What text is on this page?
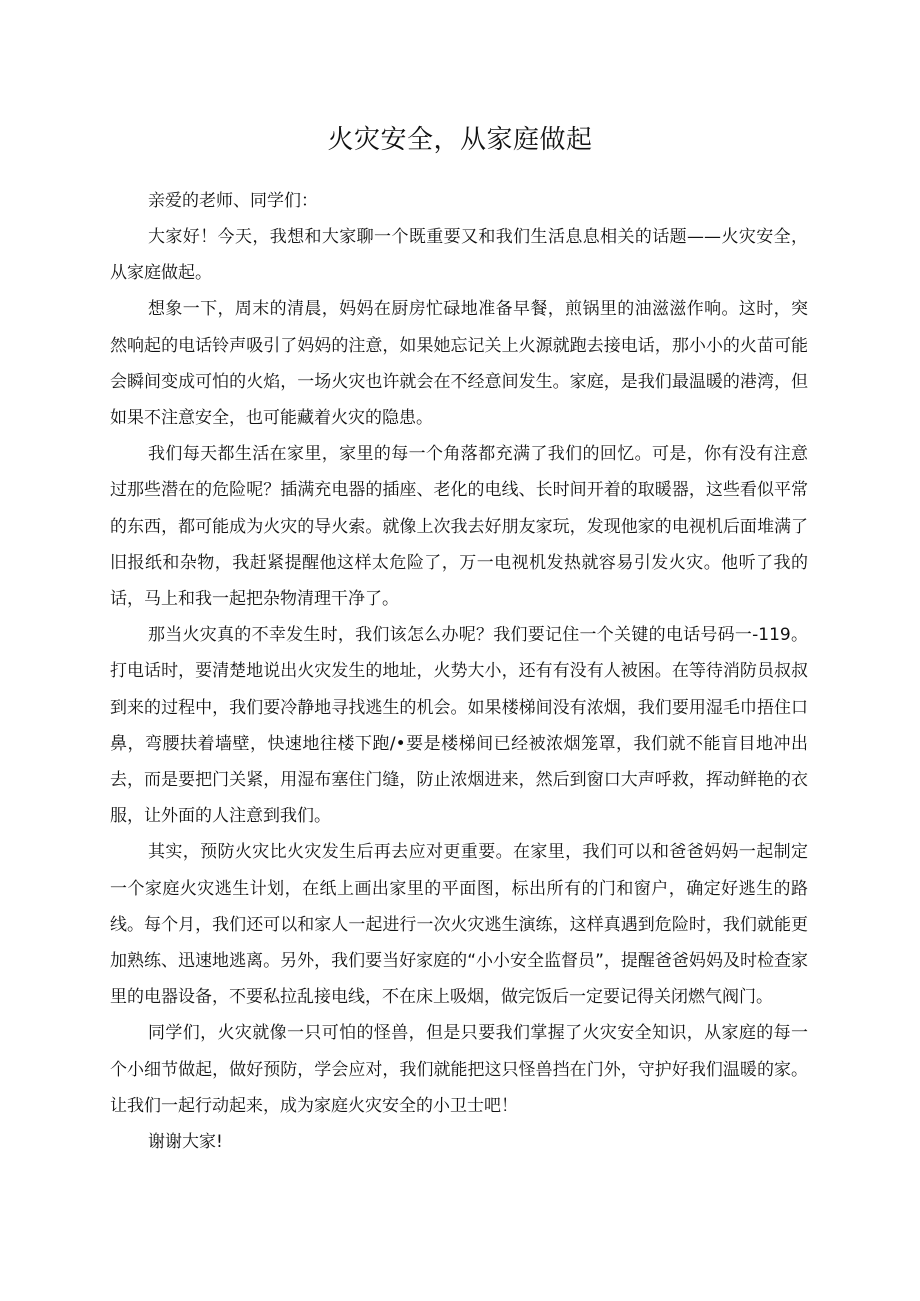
火灾安全，从家庭做起

亲爱的老师、同学们：

大家好！今天，我想和大家聊一个既重要又和我们生活息息相关的话题——火灾安全，从家庭做起。

想象一下，周末的清晨，妈妈在厨房忙碌地准备早餐，煎锅里的油滋滋作响。这时，突然响起的电话铃声吸引了妈妈的注意，如果她忘记关上火源就跑去接电话，那小小的火苗可能会瞬间变成可怕的火焰，一场火灾也许就会在不经意间发生。家庭，是我们最温暖的港湾，但如果不注意安全，也可能藏着火灾的隐患。

我们每天都生活在家里，家里的每一个角落都充满了我们的回忆。可是，你有没有注意过那些潜在的危险呢？插满充电器的插座、老化的电线、长时间开着的取暖器，这些看似平常的东西，都可能成为火灾的导火索。就像上次我去好朋友家玩，发现他家的电视机后面堆满了旧报纸和杂物，我赶紧提醒他这样太危险了，万一电视机发热就容易引发火灾。他听了我的话，马上和我一起把杂物清理干净了。

那当火灾真的不幸发生时，我们该怎么办呢？我们要记住一个关键的电话号码一-119。打电话时，要清楚地说出火灾发生的地址，火势大小，还有有没有人被困。在等待消防员叔叔到来的过程中，我们要冷静地寻找逃生的机会。如果楼梯间没有浓烟，我们要用湿毛巾捂住口鼻，弯腰扶着墙壁，快速地往楼下跑/•要是楼梯间已经被浓烟笼罩，我们就不能盲目地冲出去，而是要把门关紧，用湿布塞住门缝，防止浓烟进来，然后到窗口大声呼救，挥动鲜艳的衣服，让外面的人注意到我们。

其实，预防火灾比火灾发生后再去应对更重要。在家里，我们可以和爸爸妈妈一起制定一个家庭火灾逃生计划，在纸上画出家里的平面图，标出所有的门和窗户，确定好逃生的路线。每个月，我们还可以和家人一起进行一次火灾逃生演练，这样真遇到危险时，我们就能更加熟练、迅速地逃离。另外，我们要当好家庭的“小小安全监督员”，提醒爸爸妈妈及时检查家里的电器设备，不要私拉乱接电线，不在床上吸烟，做完饭后一定要记得关闭燃气阀门。

同学们，火灾就像一只可怕的怪兽，但是只要我们掌握了火灾安全知识，从家庭的每一个小细节做起，做好预防，学会应对，我们就能把这只怪兽挡在门外，守护好我们温暖的家。让我们一起行动起来，成为家庭火灾安全的小卫士吧！

谢谢大家!
